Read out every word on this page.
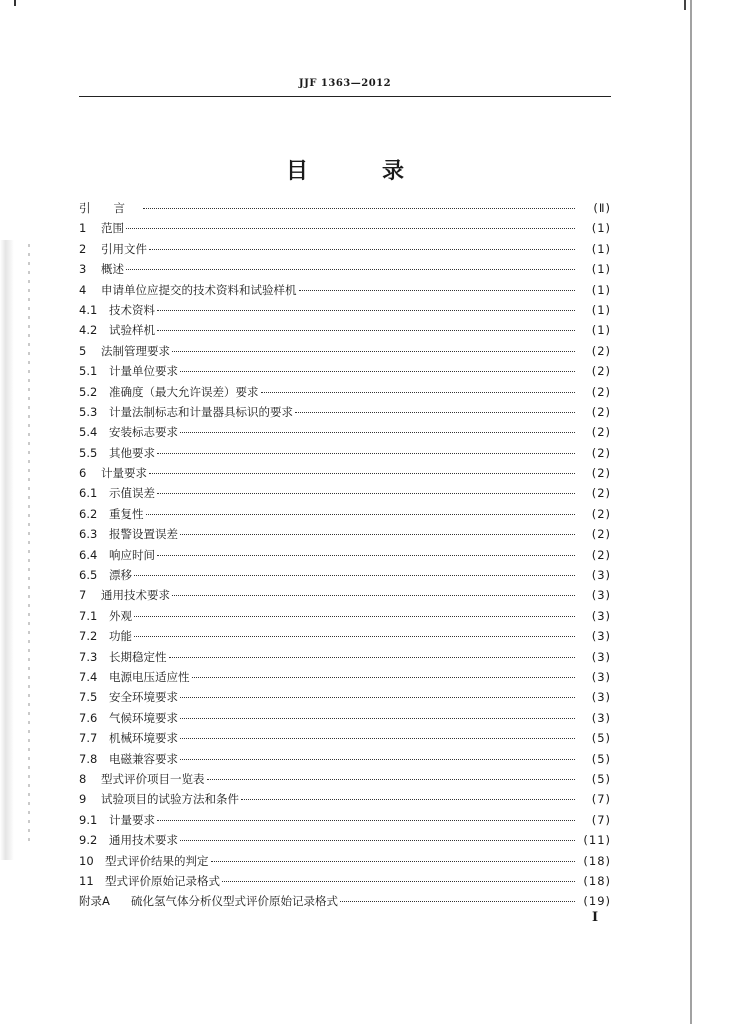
JJF 1363—2012
目　录
引　　言	(Ⅱ)
1	范围	(1)
2	引用文件	(1)
3	概述	(1)
4	申请单位应提交的技术资料和试验样机	(1)
4.1	技术资料	(1)
4.2	试验样机	(1)
5	法制管理要求	(2)
5.1	计量单位要求	(2)
5.2	准确度（最大允许误差）要求	(2)
5.3	计量法制标志和计量器具标识的要求	(2)
5.4	安装标志要求	(2)
5.5	其他要求	(2)
6	计量要求	(2)
6.1	示值误差	(2)
6.2	重复性	(2)
6.3	报警设置误差	(2)
6.4	响应时间	(2)
6.5	漂移	(3)
7	通用技术要求	(3)
7.1	外观	(3)
7.2	功能	(3)
7.3	长期稳定性	(3)
7.4	电源电压适应性	(3)
7.5	安全环境要求	(3)
7.6	气候环境要求	(3)
7.7	机械环境要求	(5)
7.8	电磁兼容要求	(5)
8	型式评价项目一览表	(5)
9	试验项目的试验方法和条件	(7)
9.1	计量要求	(7)
9.2	通用技术要求	(11)
10 型式评价结果的判定	(18)
11 型式评价原始记录格式	(18)
附录A	硫化氢气体分析仪型式评价原始记录格式	(19)
I
